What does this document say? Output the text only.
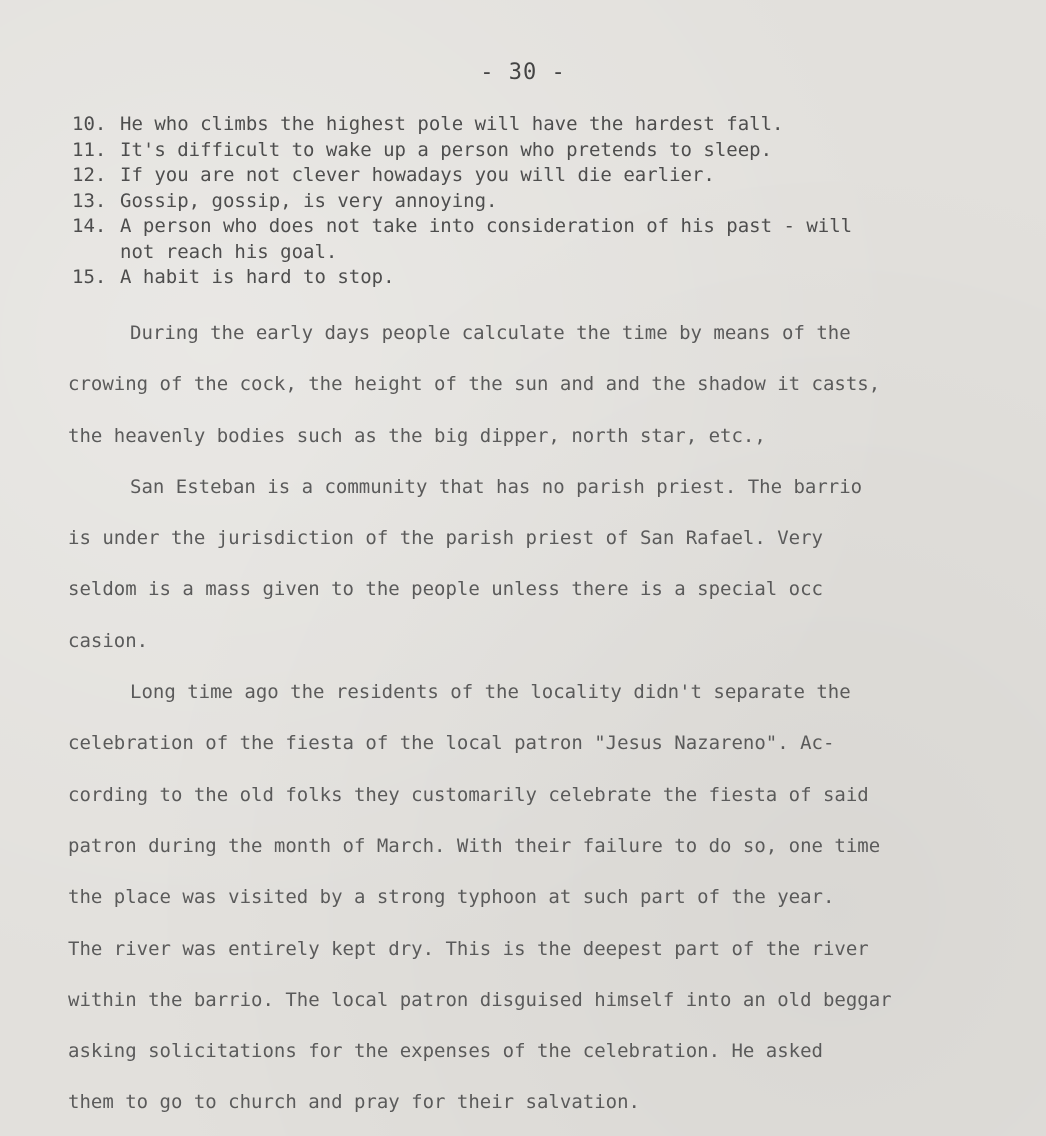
- 30 -
10. He who climbs the highest pole will have the hardest fall.
11. It's difficult to wake up a person who pretends to sleep.
12. If you are not clever howadays you will die earlier.
13. Gossip, gossip, is very annoying.
14. A person who does not take into consideration of his past - will
not reach his goal.
15. A habit is hard to stop.
During the early days people calculate the time by means of the
crowing of the cock, the height of the sun and and the shadow it casts,
the heavenly bodies such as the big dipper, north star, etc.,
San Esteban is a community that has no parish priest. The barrio
is under the jurisdiction of the parish priest of San Rafael. Very
seldom is a mass given to the people unless there is a special occ
casion.
Long time ago the residents of the locality didn't separate the
celebration of the fiesta of the local patron "Jesus Nazareno". Ac-
cording to the old folks they customarily celebrate the fiesta of said
patron during the month of March. With their failure to do so, one time
the place was visited by a strong typhoon at such part of the year.
The river was entirely kept dry. This is the deepest part of the river
within the barrio. The local patron disguised himself into an old beggar
asking solicitations for the expenses of the celebration. He asked
them to go to church and pray for their salvation.
